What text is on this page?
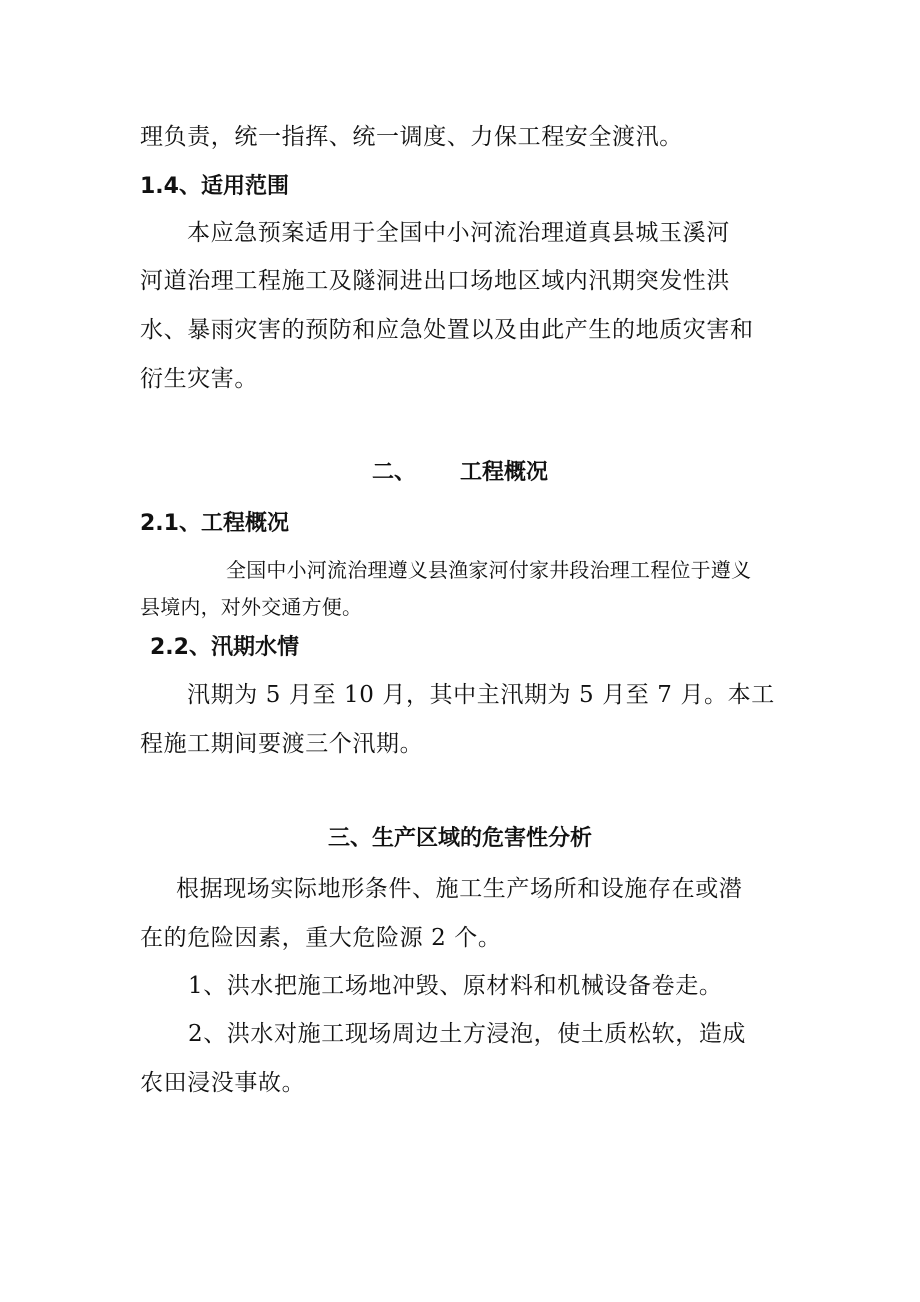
理负责，统一指挥、统一调度、力保工程安全渡汛。
1.4、适用范围
本应急预案适用于全国中小河流治理道真县城玉溪河
河道治理工程施工及隧洞进出口场地区域内汛期突发性洪
水、暴雨灾害的预防和应急处置以及由此产生的地质灾害和
衍生灾害。
二、 工程概况
2.1、工程概况
全国中小河流治理遵义县渔家河付家井段治理工程位于遵义
县境内，对外交通方便。
2.2、汛期水情
汛期为 5 月至 10 月，其中主汛期为 5 月至 7 月。本工
程施工期间要渡三个汛期。
三、生产区域的危害性分析
根据现场实际地形条件、施工生产场所和设施存在或潜
在的危险因素，重大危险源 2 个。
1、洪水把施工场地冲毁、原材料和机械设备卷走。
2、洪水对施工现场周边土方浸泡，使土质松软，造成
农田浸没事故。
